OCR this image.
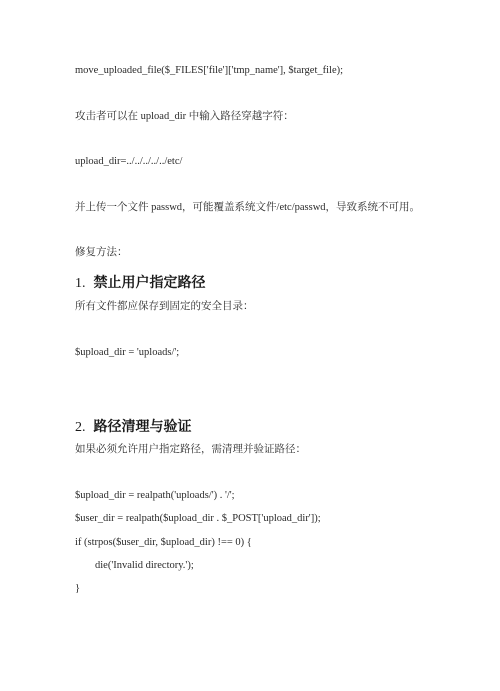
move_uploaded_file($_FILES['file']['tmp_name'], $target_file);
攻击者可以在 upload_dir 中输入路径穿越字符：
upload_dir=../../../../../etc/
并上传一个文件 passwd，可能覆盖系统文件/etc/passwd，导致系统不可用。
修复方法：
1. 禁止用户指定路径
所有文件都应保存到固定的安全目录：
$upload_dir = 'uploads/';
2. 路径清理与验证
如果必须允许用户指定路径，需清理并验证路径：
$upload_dir = realpath('uploads/') . '/';
$user_dir = realpath($upload_dir . $_POST['upload_dir']);
if (strpos($user_dir, $upload_dir) !== 0) {
die('Invalid directory.');
}
